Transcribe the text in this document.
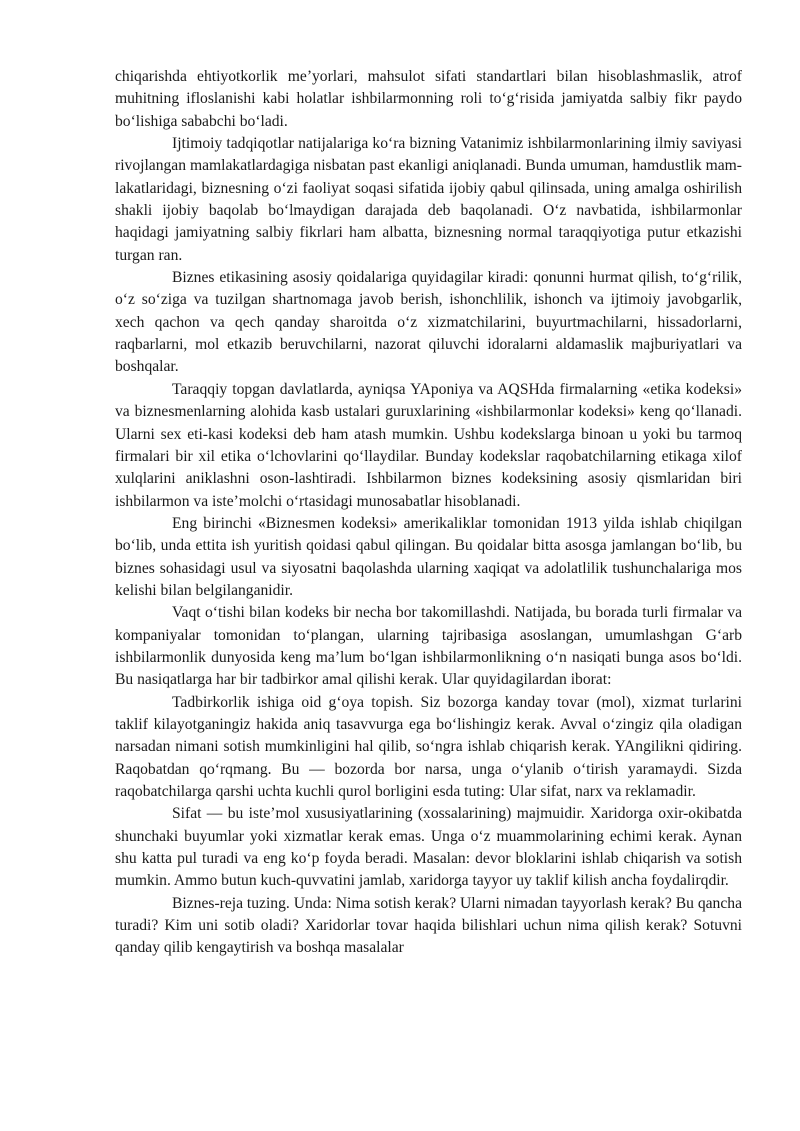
chiqarishda ehtiyotkorlik me’yorlari, mahsulot sifati standartlari bilan hisoblashmaslik, atrof muhitning ifloslanishi kabi holatlar ishbilarmonning roli to‘g‘risida jamiyatda salbiy fikr paydo bo‘lishiga sababchi bo‘ladi.

Ijtimoiy tadqiqotlar natijalariga ko‘ra bizning Vatanimiz ishbilarmonlarining ilmiy saviyasi rivojlangan mamlakatlardagiga nisbatan past ekanligi aniqlanadi. Bunda umuman, hamdustlik mam-lakatlaridagi, biznesning o‘zi faoliyat soqasi sifatida ijobiy qabul qilinsada, uning amalga oshirilish shakli ijobiy baqolab bo‘lmaydigan darajada deb baqolanadi. O‘z navbatida, ishbilarmonlar haqidagi jamiyatning salbiy fikrlari ham albatta, biznesning normal taraqqiyotiga putur etkazishi turgan ran.

Biznes etikasining asosiy qoidalariga quyidagilar kiradi: qonunni hurmat qilish, to‘g‘rilik, o‘z so‘ziga va tuzilgan shartnomaga javob berish, ishonchlilik, ishonch va ijtimoiy javobgarlik, xech qachon va qech qanday sharoitda o‘z xizmatchilarini, buyurtmachilarni, hissadorlarni, raqbarlarni, mol etkazib beruvchilarni, nazorat qiluvchi idoralarni aldamaslik majburiyatlari va boshqalar.

Taraqqiy topgan davlatlarda, ayniqsa YAponiya va AQSHda firmalarning «etika kodeksi» va biznesmenlarning alohida kasb ustalari guruxlarining «ishbilarmonlar kodeksi» keng qo‘llanadi. Ularni sex eti-kasi kodeksi deb ham atash mumkin. Ushbu kodekslarga binoan u yoki bu tarmoq firmalari bir xil etika o‘lchovlarini qo‘llaydilar. Bunday kodekslar raqobatchilarning etikaga xilof xulqlarini aniklashni oson-lashtiradi. Ishbilarmon biznes kodeksining asosiy qismlaridan biri ishbilarmon va iste’molchi o‘rtasidagi munosabatlar hisoblanadi.

Eng birinchi «Biznesmen kodeksi» amerikaliklar tomonidan 1913 yilda ishlab chiqilgan bo‘lib, unda ettita ish yuritish qoidasi qabul qilingan. Bu qoidalar bitta asosga jamlangan bo‘lib, bu biznes sohasidagi usul va siyosatni baqolashda ularning xaqiqat va adolatlilik tushunchalariga mos kelishi bilan belgilanganidir.

Vaqt o‘tishi bilan kodeks bir necha bor takomillashdi. Natijada, bu borada turli firmalar va kompaniyalar tomonidan to‘plangan, ularning tajribasiga asoslangan, umumlashgan G‘arb ishbilarmonlik dunyosida keng ma’lum bo‘lgan ishbilarmonlikning o‘n nasiqati bunga asos bo‘ldi. Bu nasiqatlarga har bir tadbirkor amal qilishi kerak. Ular quyidagilardan iborat:

Tadbirkorlik ishiga oid g‘oya topish. Siz bozorga kanday tovar (mol), xizmat turlarini taklif kilayotganingiz hakida aniq tasavvurga ega bo‘lishingiz kerak. Avval o‘zingiz qila oladigan narsadan nimani sotish mumkinligini hal qilib, so‘ngra ishlab chiqarish kerak. YAngilikni qidiring. Raqobatdan qo‘rqmang. Bu — bozorda bor narsa, unga o‘ylanib o‘tirish yaramaydi. Sizda raqobatchilarga qarshi uchta kuchli qurol borligini esda tuting: Ular sifat, narx va reklamadir.

Sifat — bu iste’mol xususiyatlarining (xossalarining) majmuidir. Xaridorga oxir-okibatda shunchaki buyumlar yoki xizmatlar kerak emas. Unga o‘z muammolarining echimi kerak. Aynan shu katta pul turadi va eng ko‘p foyda beradi. Masalan: devor bloklarini ishlab chiqarish va sotish mumkin. Ammo butun kuch-quvvatini jamlab, xaridorga tayyor uy taklif kilish ancha foydalirqdir.

Biznes-reja tuzing. Unda: Nima sotish kerak? Ularni nimadan tayyorlash kerak? Bu qancha turadi? Kim uni sotib oladi? Xaridorlar tovar haqida bilishlari uchun nima qilish kerak? Sotuvni qanday qilib kengaytirish va boshqa masalalar
